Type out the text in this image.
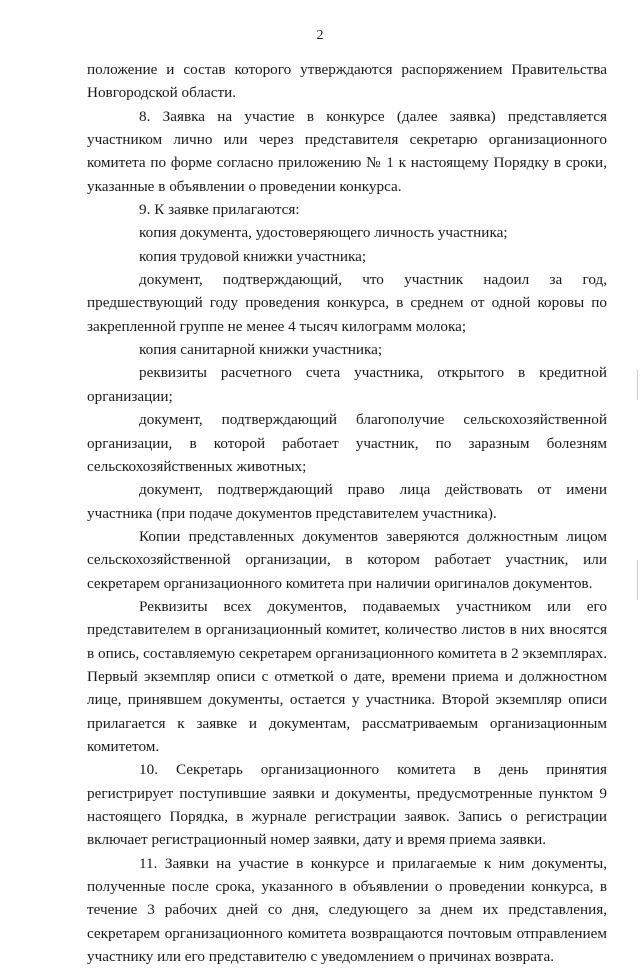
2

положение и состав которого утверждаются распоряжением Правительства Новгородской области.

8. Заявка на участие в конкурсе (далее заявка) представляется участником лично или через представителя секретарю организационного комитета по форме согласно приложению № 1 к настоящему Порядку в сроки, указанные в объявлении о проведении конкурса.

9. К заявке прилагаются:

копия документа, удостоверяющего личность участника;

копия трудовой книжки участника;

документ, подтверждающий, что участник надоил за год, предшествующий году проведения конкурса, в среднем от одной коровы по закрепленной группе не менее 4 тысяч килограмм молока;

копия санитарной книжки участника;

реквизиты расчетного счета участника, открытого в кредитной организации;

документ, подтверждающий благополучие сельскохозяйственной организации, в которой работает участник, по заразным болезням сельскохозяйственных животных;

документ, подтверждающий право лица действовать от имени участника (при подаче документов представителем участника).

Копии представленных документов заверяются должностным лицом сельскохозяйственной организации, в котором работает участник, или секретарем организационного комитета при наличии оригиналов документов.

Реквизиты всех документов, подаваемых участником или его представителем в организационный комитет, количество листов в них вносятся в опись, составляемую секретарем организационного комитета в 2 экземплярах. Первый экземпляр описи с отметкой о дате, времени приема и должностном лице, принявшем документы, остается у участника. Второй экземпляр описи прилагается к заявке и документам, рассматриваемым организационным комитетом.

10. Секретарь организационного комитета в день принятия регистрирует поступившие заявки и документы, предусмотренные пунктом 9 настоящего Порядка, в журнале регистрации заявок. Запись о регистрации включает регистрационный номер заявки, дату и время приема заявки.

11. Заявки на участие в конкурсе и прилагаемые к ним документы, полученные после срока, указанного в объявлении о проведении конкурса, в течение 3 рабочих дней со дня, следующего за днем их представления, секретарем организационного комитета возвращаются почтовым отправлением участнику или его представителю с уведомлением о причинах возврата.
